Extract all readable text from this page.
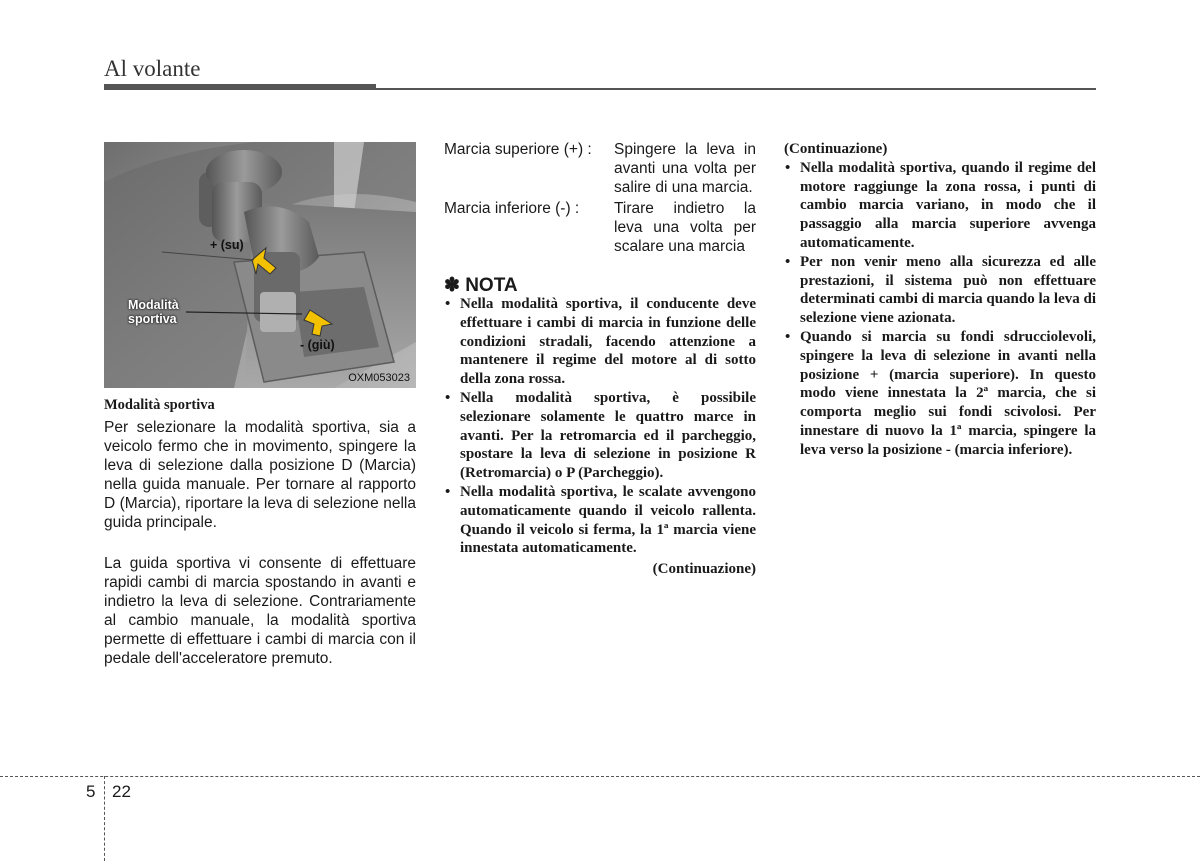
Al volante
+ (su)
Modalità
sportiva
- (giù)
OXM053023
Modalità sportiva

Per selezionare la modalità sportiva, sia a veicolo fermo che in movimento, spingere la leva di selezione dalla posizione D (Marcia) nella guida manuale. Per tornare al rapporto D (Marcia), riportare la leva di selezione nella guida principale.

La guida sportiva vi consente di effettuare rapidi cambi di marcia spostando in avanti e indietro la leva di selezione. Contrariamente al cambio manuale, la modalità sportiva permette di effettuare i cambi di marcia con il pedale dell'acceleratore premuto.

Marcia superiore (+) :	Spingere la leva in avanti una volta per salire di una marcia.
Marcia inferiore (-) :	Tirare indietro la leva una volta per scalare una marcia
✽ NOTA
• Nella modalità sportiva, il conducente deve effettuare i cambi di marcia in funzione delle condizioni stradali, facendo attenzione a mantenere il regime del motore al di sotto della zona rossa.
• Nella modalità sportiva, è possibile selezionare solamente le quattro marce in avanti. Per la retromarcia ed il parcheggio, spostare la leva di selezione in posizione R (Retromarcia) o P (Parcheggio).
• Nella modalità sportiva, le scalate avvengono automaticamente quando il veicolo rallenta. Quando il veicolo si ferma, la 1ª marcia viene innestata automaticamente.
(Continuazione)
(Continuazione)
• Nella modalità sportiva, quando il regime del motore raggiunge la zona rossa, i punti di cambio marcia variano, in modo che il passaggio alla marcia superiore avvenga automaticamente.
• Per non venir meno alla sicurezza ed alle prestazioni, il sistema può non effettuare determinati cambi di marcia quando la leva di selezione viene azionata.
• Quando si marcia su fondi sdrucciolevoli, spingere la leva di selezione in avanti nella posizione + (marcia superiore). In questo modo viene innestata la 2ª marcia, che si comporta meglio sui fondi scivolosi. Per innestare di nuovo la 1ª marcia, spingere la leva verso la posizione - (marcia inferiore).
5 22
